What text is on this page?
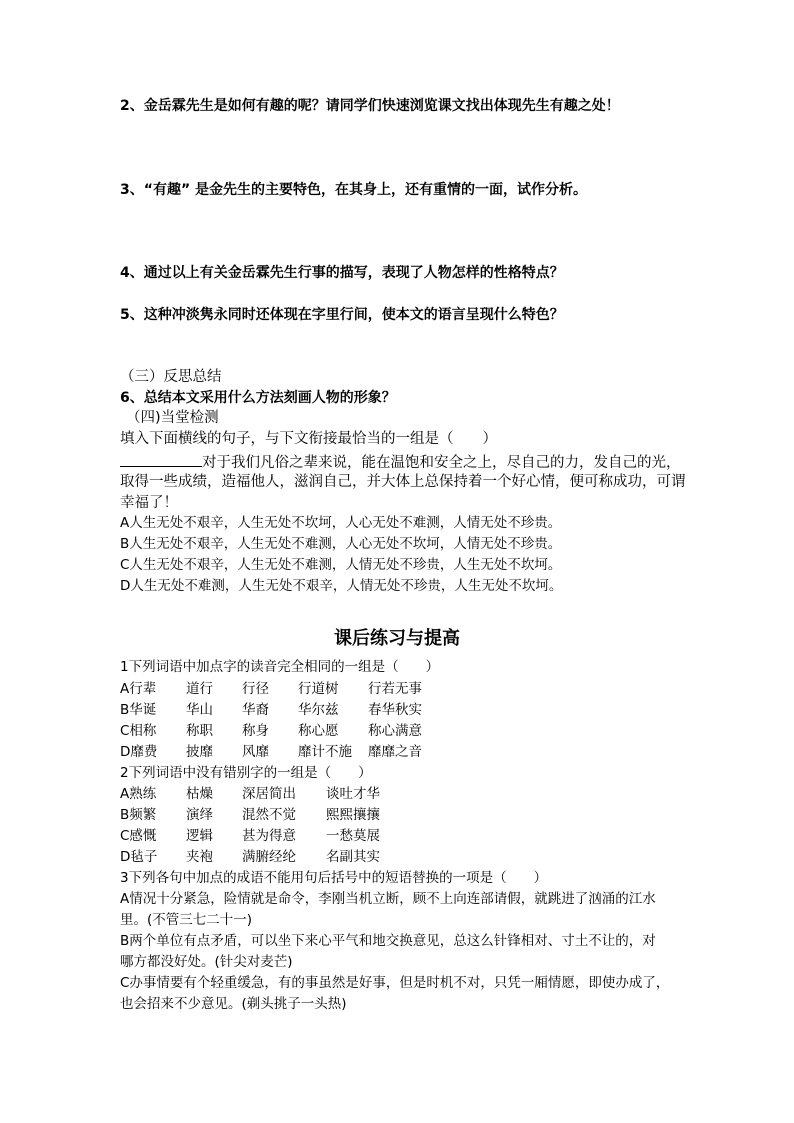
2、金岳霖先生是如何有趣的呢？请同学们快速浏览课文找出体现先生有趣之处！

3、“有趣” 是金先生的主要特色，在其身上，还有重情的一面，试作分析。

4、通过以上有关金岳霖先生行事的描写，表现了人物怎样的性格特点？

5、这种冲淡隽永同时还体现在字里行间，使本文的语言呈现什么特色？

（三）反思总结

6、总结本文采用什么方法刻画人物的形象？

（四)当堂检测

填入下面横线的句子，与下文衔接最恰当的一组是（　　）

对于我们凡俗之辈来说，能在温饱和安全之上，尽自己的力，发自己的光，

取得一些成绩，造福他人，滋润自己，并大体上总保持着一个好心情，便可称成功，可谓

幸福了！

A人生无处不艰辛，人生无处不坎坷，人心无处不难测，人情无处不珍贵。

B人生无处不艰辛，人生无处不难测，人心无处不坎坷，人情无处不珍贵。

C人生无处不艰辛，人生无处不难测，人情无处不珍贵，人生无处不坎坷。

D人生无处不难测，人生无处不艰辛，人情无处不珍贵，人生无处不坎坷。

课后练习与提高

1下列词语中加点字的读音完全相同的一组是（　　）

A行辈 道行 行径 行道树 行若无事
B华诞 华山 华裔 华尔兹 春华秋实
C相称 称职 称身 称心愿 称心满意
D靡费 披靡 风靡 靡计不施 靡靡之音

2下列词语中没有错别字的一组是（　　）

A熟练 枯燥 深居简出 谈吐才华
B频繁 演绎 混然不觉 熙熙攘攘
C感慨 逻辑 甚为得意 一愁莫展
D毡子 夹袍 满腑经纶 名副其实

3下列各句中加点的成语不能用句后括号中的短语替换的一项是（　　）

A情况十分紧急，险情就是命令，李刚当机立断，顾不上向连部请假，就跳进了汹涌的江水

里。(不管三七二十一)

B两个单位有点矛盾，可以坐下来心平气和地交换意见，总这么针锋相对、寸土不让的，对

哪方都没好处。(针尖对麦芒)

C办事情要有个轻重缓急，有的事虽然是好事，但是时机不对，只凭一厢情愿，即使办成了，

也会招来不少意见。(剃头挑子一头热)
